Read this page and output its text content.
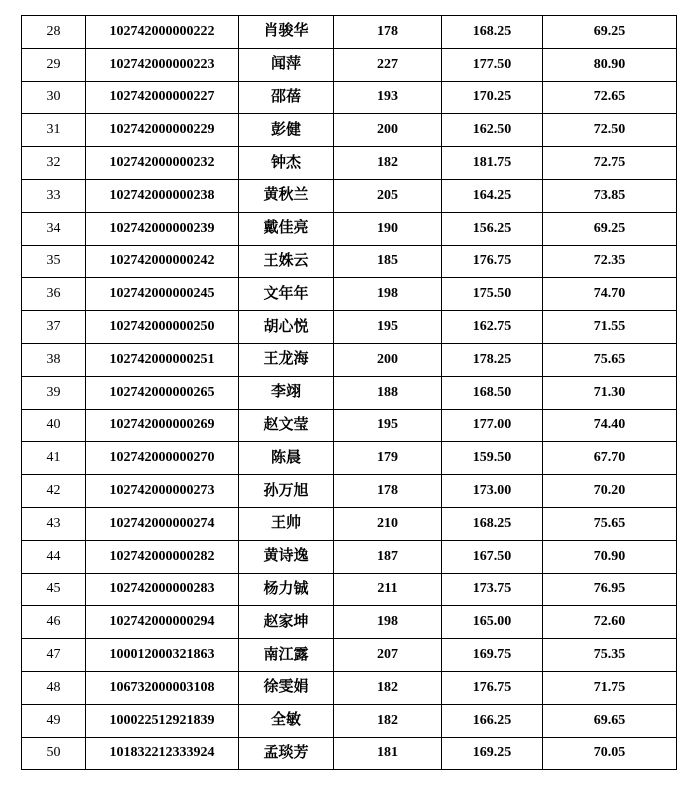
28	102742000000222	肖骏华	178	168.25	69.25
29	102742000000223	闻萍	227	177.50	80.90
30	102742000000227	邵蓓	193	170.25	72.65
31	102742000000229	彭健	200	162.50	72.50
32	102742000000232	钟杰	182	181.75	72.75
33	102742000000238	黄秋兰	205	164.25	73.85
34	102742000000239	戴佳亮	190	156.25	69.25
35	102742000000242	王姝云	185	176.75	72.35
36	102742000000245	文年年	198	175.50	74.70
37	102742000000250	胡心悦	195	162.75	71.55
38	102742000000251	王龙海	200	178.25	75.65
39	102742000000265	李翊	188	168.50	71.30
40	102742000000269	赵文莹	195	177.00	74.40
41	102742000000270	陈晨	179	159.50	67.70
42	102742000000273	孙万旭	178	173.00	70.20
43	102742000000274	王帅	210	168.25	75.65
44	102742000000282	黄诗逸	187	167.50	70.90
45	102742000000283	杨力铖	211	173.75	76.95
46	102742000000294	赵家坤	198	165.00	72.60
47	100012000321863	南江露	207	169.75	75.35
48	106732000003108	徐雯娟	182	176.75	71.75
49	100022512921839	全敏	182	166.25	69.65
50	101832212333924	孟琰芳	181	169.25	70.05
